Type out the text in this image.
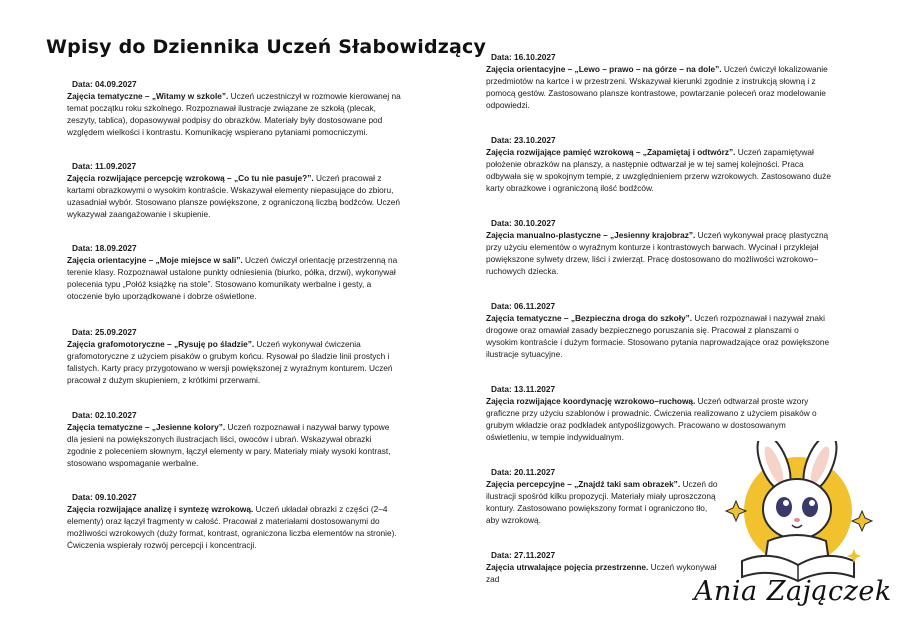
Wpisy do Dziennika Uczeń Słabowidzący
Data: 04.09.2027

Zajęcia tematyczne – „Witamy w szkole”. Uczeń uczestniczył w rozmowie kierowanej na temat początku roku szkolnego. Rozpoznawał ilustracje związane ze szkołą (plecak, zeszyty, tablica), dopasowywał podpisy do obrazków. Materiały były dostosowane pod względem wielkości i kontrastu. Komunikację wspierano pytaniami pomocniczymi.

Data: 11.09.2027

Zajęcia rozwijające percepcję wzrokową – „Co tu nie pasuje?”. Uczeń pracował z kartami obrazkowymi o wysokim kontraście. Wskazywał elementy niepasujące do zbioru, uzasadniał wybór. Stosowano plansze powiększone, z ograniczoną liczbą bodźców. Uczeń wykazywał zaangażowanie i skupienie.

Data: 18.09.2027

Zajęcia orientacyjne – „Moje miejsce w sali”. Uczeń ćwiczył orientację przestrzenną na terenie klasy. Rozpoznawał ustalone punkty odniesienia (biurko, półka, drzwi), wykonywał polecenia typu „Połóż książkę na stole”. Stosowano komunikaty werbalne i gesty, a otoczenie było uporządkowane i dobrze oświetlone.

Data: 25.09.2027

Zajęcia grafomotoryczne – „Rysuję po śladzie”. Uczeń wykonywał ćwiczenia grafomotoryczne z użyciem pisaków o grubym końcu. Rysował po śladzie linii prostych i falistych. Karty pracy przygotowano w wersji powiększonej z wyraźnym konturem. Uczeń pracował z dużym skupieniem, z krótkimi przerwami.

Data: 02.10.2027

Zajęcia tematyczne – „Jesienne kolory”. Uczeń rozpoznawał i nazywał barwy typowe dla jesieni na powiększonych ilustracjach liści, owoców i ubrań. Wskazywał obrazki zgodnie z poleceniem słownym, łączył elementy w pary. Materiały miały wysoki kontrast, stosowano wspomaganie werbalne.

Data: 09.10.2027

Zajęcia rozwijające analizę i syntezę wzrokową. Uczeń układał obrazki z części (2–4 elementy) oraz łączył fragmenty w całość. Pracował z materiałami dostosowanymi do możliwości wzrokowych (duży format, kontrast, ograniczona liczba elementów na stronie). Ćwiczenia wspierały rozwój percepcji i koncentracji.

Data: 16.10.2027

Zajęcia orientacyjne – „Lewo – prawo – na górze – na dole”. Uczeń ćwiczył lokalizowanie przedmiotów na kartce i w przestrzeni. Wskazywał kierunki zgodnie z instrukcją słowną i z pomocą gestów. Zastosowano plansze kontrastowe, powtarzanie poleceń oraz modelowanie odpowiedzi.

Data: 23.10.2027

Zajęcia rozwijające pamięć wzrokową – „Zapamiętaj i odtwórz”. Uczeń zapamiętywał położenie obrazków na planszy, a następnie odtwarzał je w tej samej kolejności. Praca odbywała się w spokojnym tempie, z uwzględnieniem przerw wzrokowych. Zastosowano duże karty obrazkowe i ograniczoną ilość bodźców.

Data: 30.10.2027

Zajęcia manualno-plastyczne – „Jesienny krajobraz”. Uczeń wykonywał pracę plastyczną przy użyciu elementów o wyraźnym konturze i kontrastowych barwach. Wycinał i przyklejał powiększone sylwety drzew, liści i zwierząt. Pracę dostosowano do możliwości wzrokowo–ruchowych dziecka.

Data: 06.11.2027

Zajęcia tematyczne – „Bezpieczna droga do szkoły”. Uczeń rozpoznawał i nazywał znaki drogowe oraz omawiał zasady bezpiecznego poruszania się. Pracował z planszami o wysokim kontraście i dużym formacie. Stosowano pytania naprowadzające oraz powiększone ilustracje sytuacyjne.

Data: 13.11.2027

Zajęcia rozwijające koordynację wzrokowo–ruchową. Uczeń odtwarzał proste wzory graficzne przy użyciu szablonów i prowadnic. Ćwiczenia realizowano z użyciem pisaków o grubym wkładzie oraz podkładek antypoślizgowych. Pracowano w dostosowanym oświetleniu, w tempie indywidualnym.

Data: 20.11.2027

Zajęcia percepcyjne – „Znajdź taki sam obrazek”. Uczeń do ilustracji spośród kilku propozycji. Materiały miały uproszczoną kontury. Zastosowano powiększony format i ograniczono tło, aby wzrokową.

Data: 27.11.2027

Zajęcia utrwalające pojęcia przestrzenne. Uczeń wykonywał zad	Ania Zajączek
